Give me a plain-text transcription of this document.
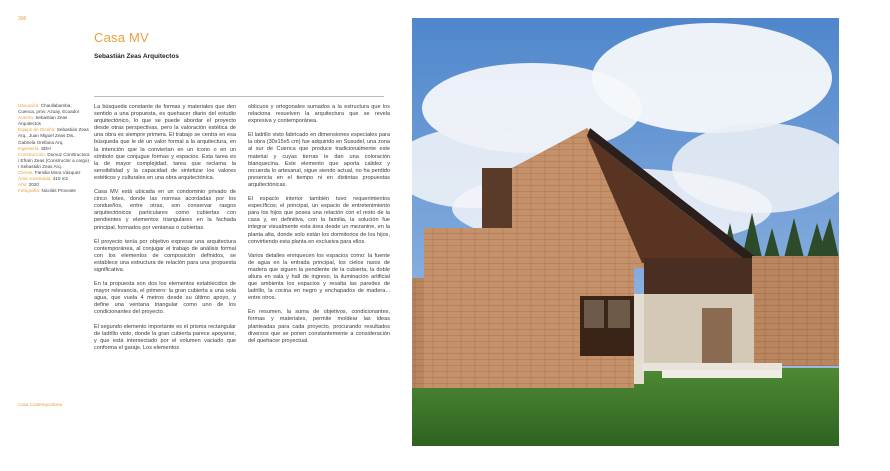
306
Casa MV
Sebastián Zeas Arquitectos
Ubicación: Chaullabamba, Cuenca, prov. Azuay, Ecuador
Autoría: Sebastian Zeas Arquitectos
Equipo de Diseño: Sebastián Zeas Arq., Juan Miguel Zeas Dis., Gabriela Orellana Arq.
Ingeniería: SDH
Construcción: Domuz Constructora / Efraín Zeas (Constructor a cargo) / Sebastián Zeas Arq.
Cliente: Familia Mora Vásquez
Área construida: 410 m2
Año: 2020
Fotografía: Nicolás Provoste

La búsqueda constante de formas y materiales que den sentido a una propuesta, es quehacer diario del estudio arquitectónico, lo que se puede abordar el proyecto desde otras perspectivas, pero la valoración estética de una obra es siempre primera. El trabajo se centra en esa búsqueda que le dé un valor formal a la arquitectura, en la intención que la conviertan en un icono o en un símbolo que conjugue formas y espacios. Esta tarea es la de mayor complejidad, tarea que reclama la sensibilidad y la capacidad de sintetizar los valores estéticos y culturales en una obra arquitectónica.

Casa MV está ubicada en un condominio privado de cinco lotes, donde las normas acordadas por los condueños, entre otras, son conservar rasgos arquitectónicos particulares como cubiertas con pendientes y elementos triangulares en la fachada principal, formados por ventanas o cubiertas.

El proyecto tenía por objetivo expresar una arquitectura contemporánea, al conjugar el trabajo de análisis formal con los elementos de composición definidos, se establece una estructura de relación para una propuesta significativa.

En la propuesta son dos los elementos establecidos de mayor relevancia, el primero: la gran cubierta a una sola agua, que vuela 4 metros desde su último apoyo, y define una ventana triangular como uno de los condicionantes del proyecto.

El segundo elemento importante es el prisma rectangular de ladrillo visto, donde la gran cubierta parece apoyarse, y que está intersectado por el volumen vaciado que conforma el garaje. Los elementos

oblicuos y ortogonales sumados a la estructura que los relaciona resuelven la arquitectura que se revela expresiva y contemporánea.

El ladrillo visto fabricado en dimensiones especiales para la obra (30x15x5 cm) fue adquirido en Susudel, una zona al sur de Cuenca que produce tradicionalmente este material y cuyas tierras le dan una coloración blanquecina. Este elemento que aporta calidez y recuerda lo artesanal, sigue siendo actual, no ha perdido presencia en el tiempo ni en distintas propuestas arquitectónicas.

El espacio interior también tuvo requerimientos específicos; el principal, un espacio de entretenimiento para los hijos que posea una relación con el resto de la casa y, en definitiva, con la familia, la solución fue integrar visualmente esta área desde un mezanine, en la planta alta, donde solo están los dormitorios de los hijos, convirtiendo esta planta en exclusiva para ellos.

Varios detalles enriquecen los espacios como: la fuente de agua en la entrada principal, los cielos rasos de madera que siguen la pendiente de la cubierta, la doble altura en sala y hall de ingreso, la iluminación artificial que ambienta los espacios y resalta las paredes de ladrillo, la cocina en negro y enchapados de madera... entre otros.

En resumen, la suma de objetivos, condicionantes, formas y materiales, permite moldear las ideas planteadas para cada proyecto, procurando resultados diversos que se ponen constantemente a consideración del quehacer proyectual.

Casa Contemporánea
